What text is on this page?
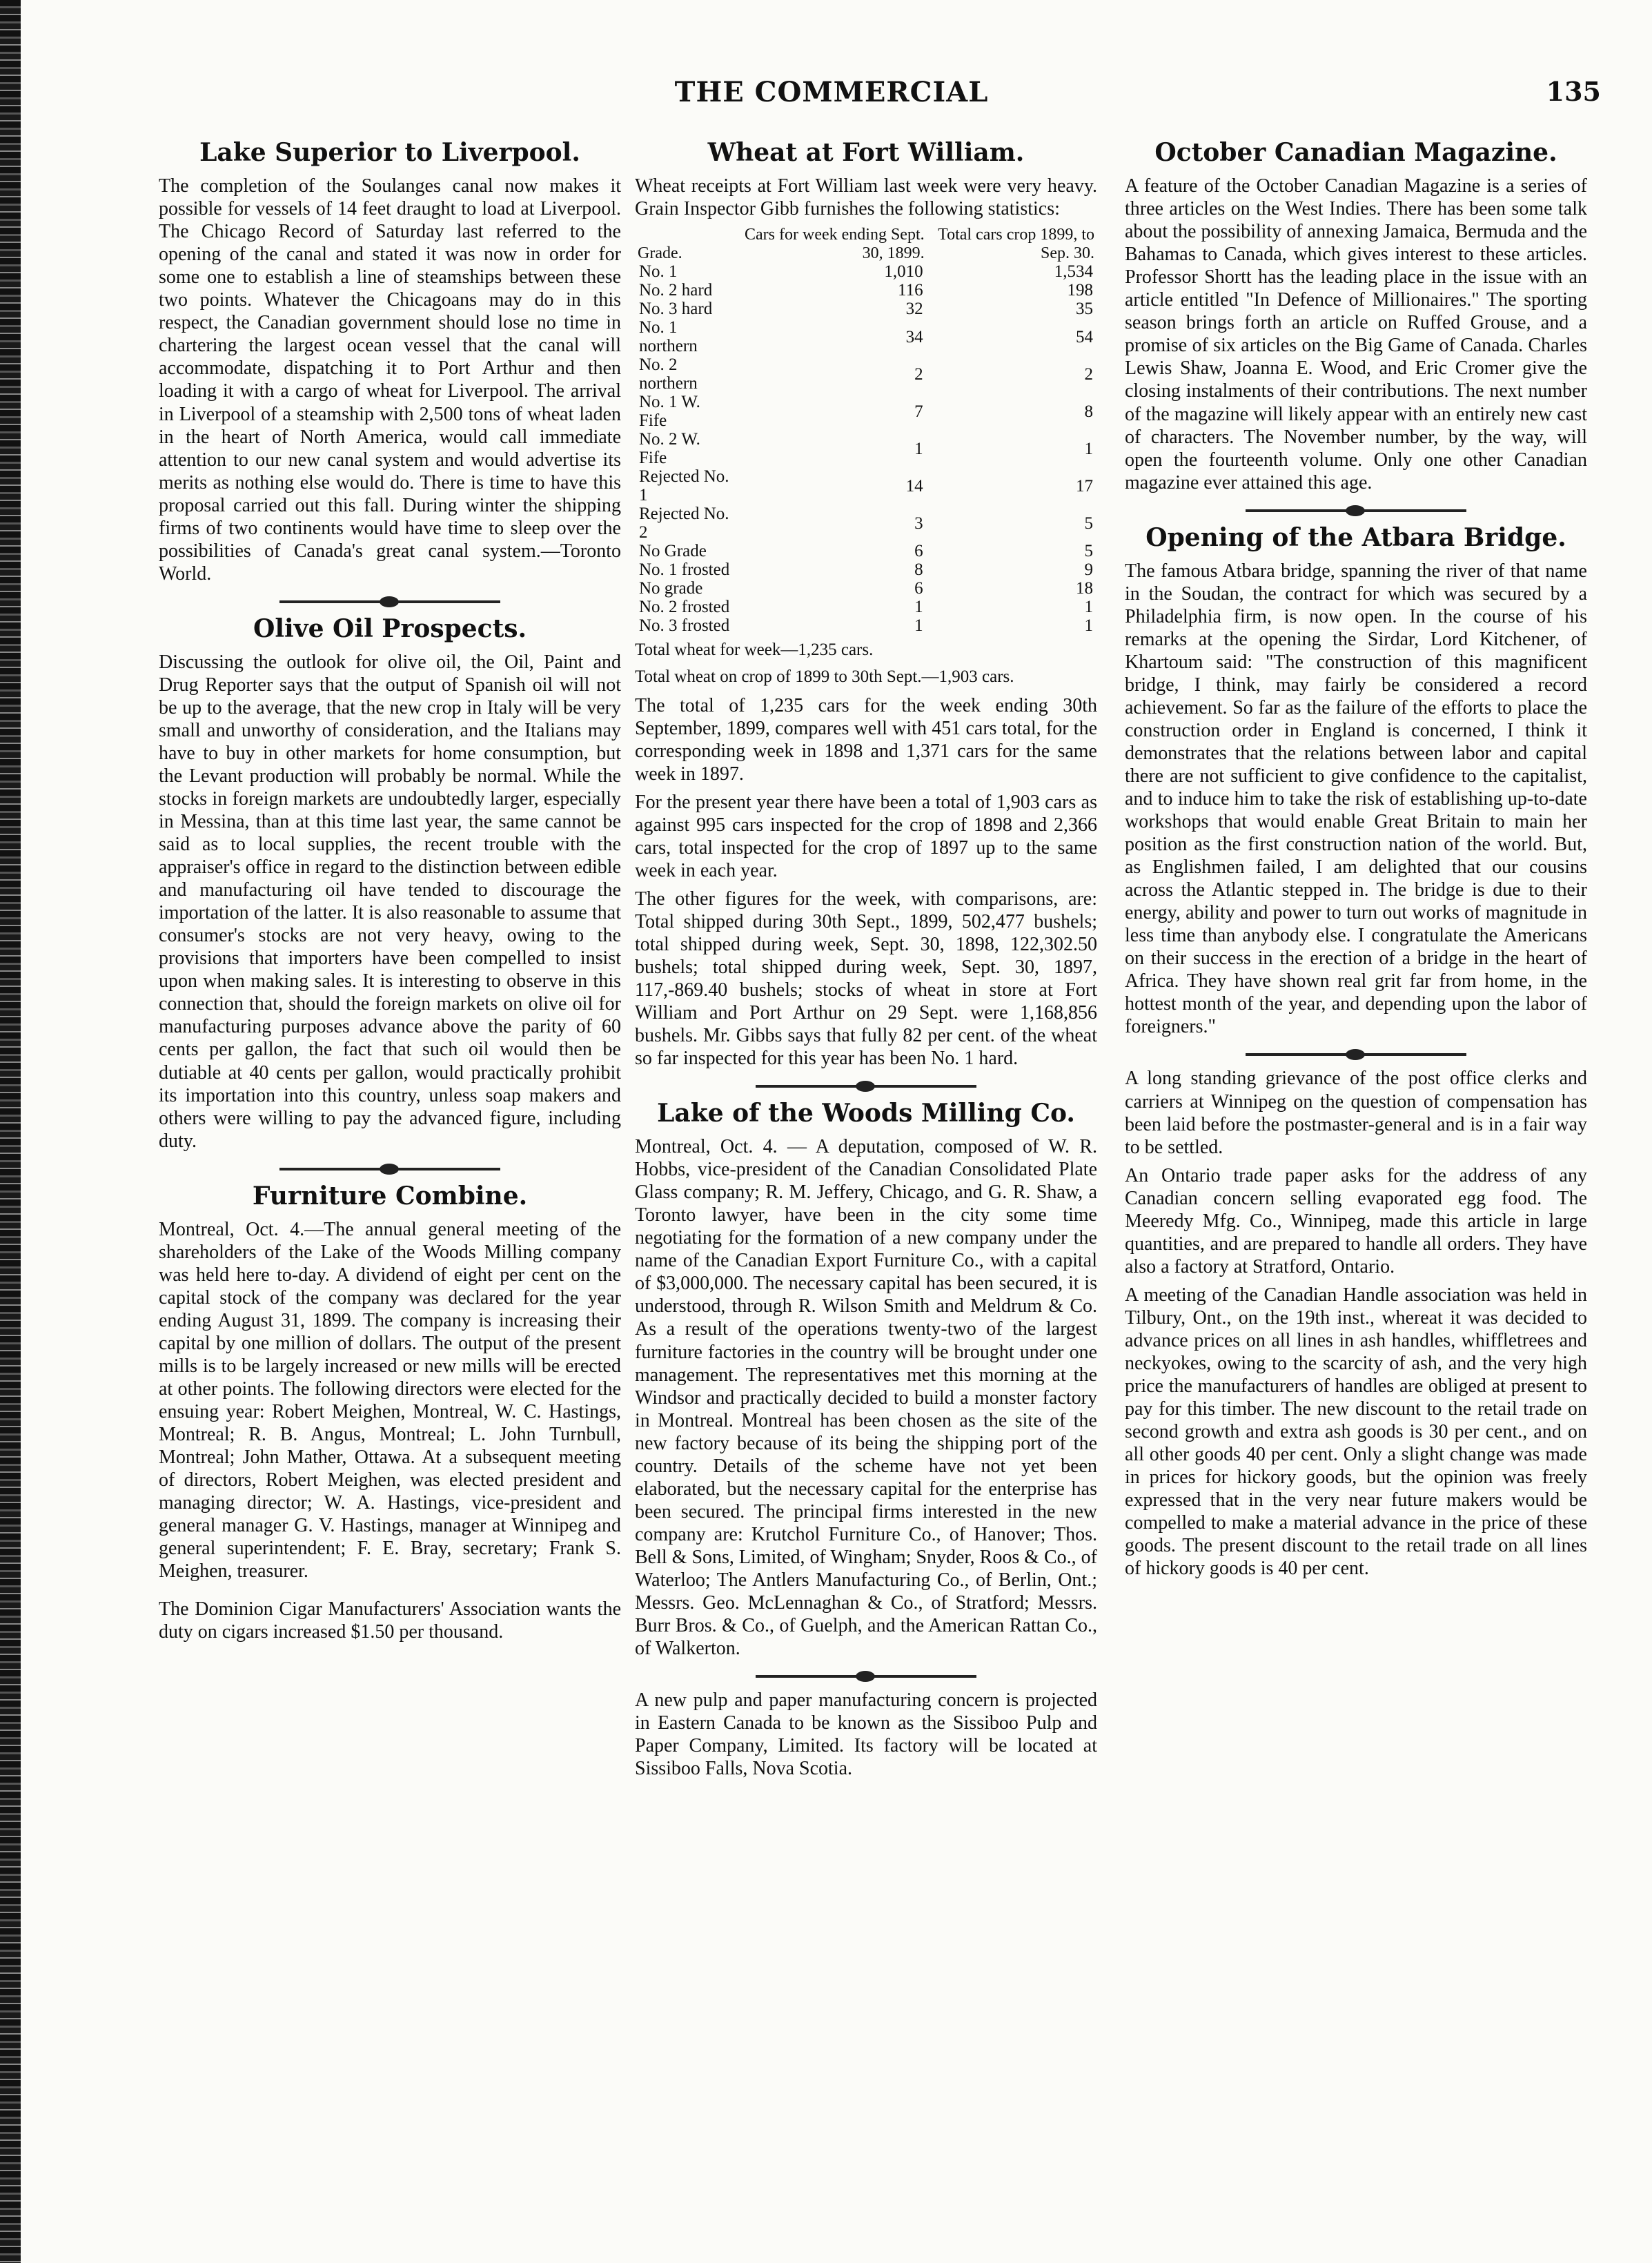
THE COMMERCIAL	135
Lake Superior to Liverpool.

The completion of the Soulanges canal now makes it possible for vessels of 14 feet draught to load at Liverpool. The Chicago Record of Saturday last referred to the opening of the canal and stated it was now in order for some one to establish a line of steamships between these two points. Whatever the Chicagoans may do in this respect, the Canadian government should lose no time in chartering the largest ocean vessel that the canal will accommodate, dispatching it to Port Arthur and then loading it with a cargo of wheat for Liverpool. The arrival in Liverpool of a steamship with 2,500 tons of wheat laden in the heart of North America, would call immediate attention to our new canal system and would advertise its merits as nothing else would do. There is time to have this proposal carried out this fall. During winter the shipping firms of two continents would have time to sleep over the possibilities of Canada's great canal system.—Toronto World.

Olive Oil Prospects.

Discussing the outlook for olive oil, the Oil, Paint and Drug Reporter says that the output of Spanish oil will not be up to the average, that the new crop in Italy will be very small and unworthy of consideration, and the Italians may have to buy in other markets for home consumption, but the Levant production will probably be normal. While the stocks in foreign markets are undoubtedly larger, especially in Messina, than at this time last year, the same cannot be said as to local supplies, the recent trouble with the appraiser's office in regard to the distinction between edible and manufacturing oil have tended to discourage the importation of the latter. It is also reasonable to assume that consumer's stocks are not very heavy, owing to the provisions that importers have been compelled to insist upon when making sales. It is interesting to observe in this connection that, should the foreign markets on olive oil for manufacturing purposes advance above the parity of 60 cents per gallon, the fact that such oil would then be dutiable at 40 cents per gallon, would practically prohibit its importation into this country, unless soap makers and others were willing to pay the advanced figure, including duty.

Furniture Combine.

Montreal, Oct. 4.—The annual general meeting of the shareholders of the Lake of the Woods Milling company was held here to-day. A dividend of eight per cent on the capital stock of the company was declared for the year ending August 31, 1899. The company is increasing their capital by one million of dollars. The output of the present mills is to be largely increased or new mills will be erected at other points. The following directors were elected for the ensuing year: Robert Meighen, Montreal, W. C. Hastings, Montreal; R. B. Angus, Montreal; L. John Turnbull, Montreal; John Mather, Ottawa. At a subsequent meeting of directors, Robert Meighen, was elected president and managing director; W. A. Hastings, vice-president and general manager G. V. Hastings, manager at Winnipeg and general superintendent; F. E. Bray, secretary; Frank S. Meighen, treasurer.

The Dominion Cigar Manufacturers' Association wants the duty on cigars increased $1.50 per thousand.

Wheat at Fort William.

Wheat receipts at Fort William last week were very heavy. Grain Inspector Gibb furnishes the following statistics:

Grade.	Cars for week ending Sept. 30, 1899.	Total cars crop 1899, to Sep. 30.
No. 1	1,010	1,534
No. 2 hard	116	198
No. 3 hard	32	35
No. 1 northern	34	54
No. 2 northern	2	2
No. 1 W. Fife	7	8
No. 2 W. Fife	1	1
Rejected No. 1	14	17
Rejected No. 2	3	5
No Grade	6	5
No. 1 frosted	8	9
No grade	6	18
No. 2 frosted	1	1
No. 3 frosted	1	1
Total wheat for week—1,235 cars.
Total wheat on crop of 1899 to 30th Sept.—1,903 cars.

The total of 1,235 cars for the week ending 30th September, 1899, compares well with 451 cars total, for the corresponding week in 1898 and 1,371 cars for the same week in 1897.

For the present year there have been a total of 1,903 cars as against 995 cars inspected for the crop of 1898 and 2,366 cars, total inspected for the crop of 1897 up to the same week in each year.

The other figures for the week, with comparisons, are: Total shipped during 30th Sept., 1899, 502,477 bushels; total shipped during week, Sept. 30, 1898, 122,302.50 bushels; total shipped during week, Sept. 30, 1897, 117,-869.40 bushels; stocks of wheat in store at Fort William and Port Arthur on 29 Sept. were 1,168,856 bushels. Mr. Gibbs says that fully 82 per cent. of the wheat so far inspected for this year has been No. 1 hard.

Lake of the Woods Milling Co.

Montreal, Oct. 4. — A deputation, composed of W. R. Hobbs, vice-president of the Canadian Consolidated Plate Glass company; R. M. Jeffery, Chicago, and G. R. Shaw, a Toronto lawyer, have been in the city some time negotiating for the formation of a new company under the name of the Canadian Export Furniture Co., with a capital of $3,000,000. The necessary capital has been secured, it is understood, through R. Wilson Smith and Meldrum & Co. As a result of the operations twenty-two of the largest furniture factories in the country will be brought under one management. The representatives met this morning at the Windsor and practically decided to build a monster factory in Montreal. Montreal has been chosen as the site of the new factory because of its being the shipping port of the country. Details of the scheme have not yet been elaborated, but the necessary capital for the enterprise has been secured. The principal firms interested in the new company are: Krutchol Furniture Co., of Hanover; Thos. Bell & Sons, Limited, of Wingham; Snyder, Roos & Co., of Waterloo; The Antlers Manufacturing Co., of Berlin, Ont.; Messrs. Geo. McLennaghan & Co., of Stratford; Messrs. Burr Bros. & Co., of Guelph, and the American Rattan Co., of Walkerton.

A new pulp and paper manufacturing concern is projected in Eastern Canada to be known as the Sissiboo Pulp and Paper Company, Limited. Its factory will be located at Sissiboo Falls, Nova Scotia.

October Canadian Magazine.

A feature of the October Canadian Magazine is a series of three articles on the West Indies. There has been some talk about the possibility of annexing Jamaica, Bermuda and the Bahamas to Canada, which gives interest to these articles. Professor Shortt has the leading place in the issue with an article entitled "In Defence of Millionaires." The sporting season brings forth an article on Ruffed Grouse, and a promise of six articles on the Big Game of Canada. Charles Lewis Shaw, Joanna E. Wood, and Eric Cromer give the closing instalments of their contributions. The next number of the magazine will likely appear with an entirely new cast of characters. The November number, by the way, will open the fourteenth volume. Only one other Canadian magazine ever attained this age.

Opening of the Atbara Bridge.

The famous Atbara bridge, spanning the river of that name in the Soudan, the contract for which was secured by a Philadelphia firm, is now open. In the course of his remarks at the opening the Sirdar, Lord Kitchener, of Khartoum said: "The construction of this magnificent bridge, I think, may fairly be considered a record achievement. So far as the failure of the efforts to place the construction order in England is concerned, I think it demonstrates that the relations between labor and capital there are not sufficient to give confidence to the capitalist, and to induce him to take the risk of establishing up-to-date workshops that would enable Great Britain to main her position as the first construction nation of the world. But, as Englishmen failed, I am delighted that our cousins across the Atlantic stepped in. The bridge is due to their energy, ability and power to turn out works of magnitude in less time than anybody else. I congratulate the Americans on their success in the erection of a bridge in the heart of Africa. They have shown real grit far from home, in the hottest month of the year, and depending upon the labor of foreigners."

A long standing grievance of the post office clerks and carriers at Winnipeg on the question of compensation has been laid before the postmaster-general and is in a fair way to be settled.

An Ontario trade paper asks for the address of any Canadian concern selling evaporated egg food. The Meeredy Mfg. Co., Winnipeg, made this article in large quantities, and are prepared to handle all orders. They have also a factory at Stratford, Ontario.

A meeting of the Canadian Handle association was held in Tilbury, Ont., on the 19th inst., whereat it was decided to advance prices on all lines in ash handles, whiffletrees and neckyokes, owing to the scarcity of ash, and the very high price the manufacturers of handles are obliged at present to pay for this timber. The new discount to the retail trade on second growth and extra ash goods is 30 per cent., and on all other goods 40 per cent. Only a slight change was made in prices for hickory goods, but the opinion was freely expressed that in the very near future makers would be compelled to make a material advance in the price of these goods. The present discount to the retail trade on all lines of hickory goods is 40 per cent.
